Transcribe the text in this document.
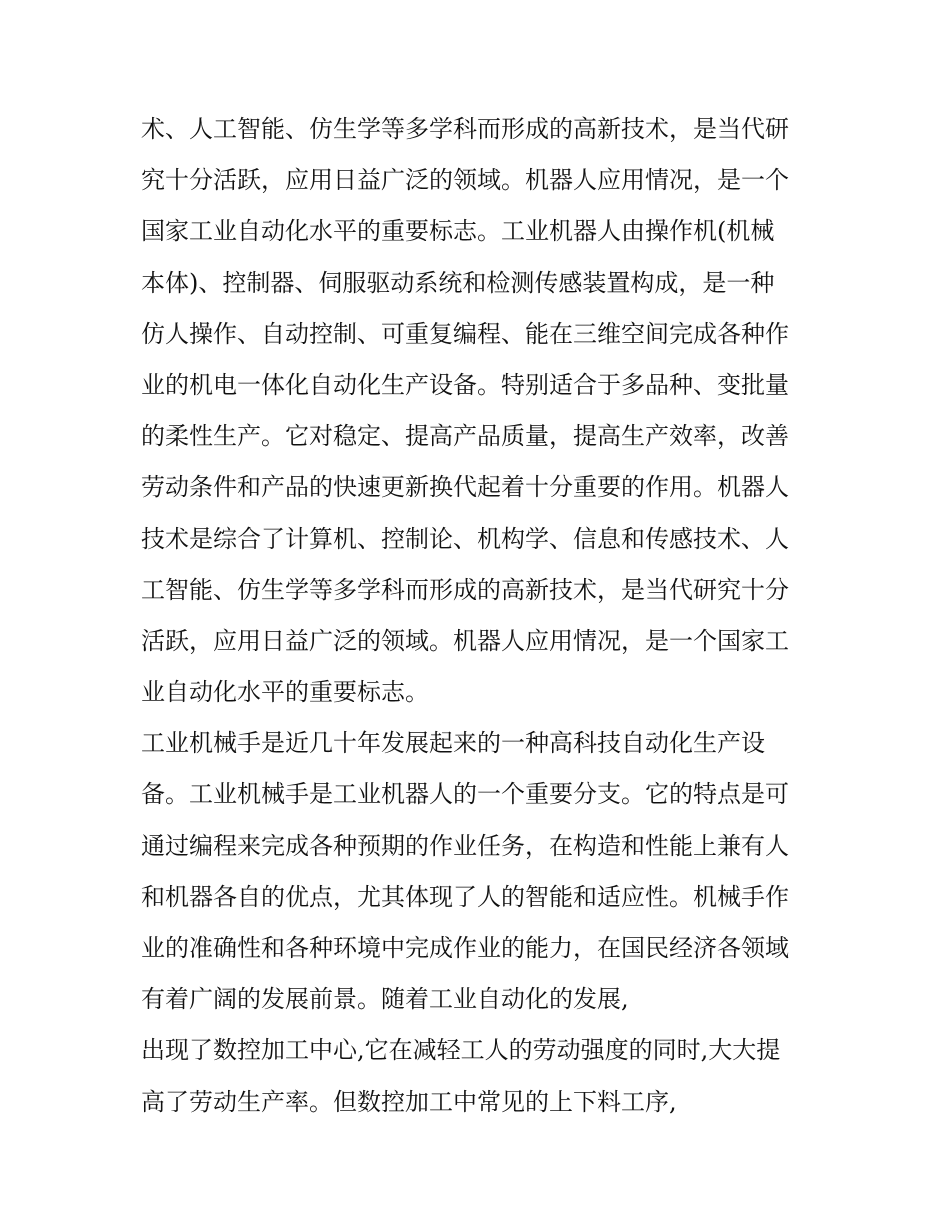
术、人工智能、仿生学等多学科而形成的高新技术，是当代研
究十分活跃，应用日益广泛的领域。机器人应用情况，是一个
国家工业自动化水平的重要标志。工业机器人由操作机(机械
本体)、控制器、伺服驱动系统和检测传感装置构成，是一种
仿人操作、自动控制、可重复编程、能在三维空间完成各种作
业的机电一体化自动化生产设备。特别适合于多品种、变批量
的柔性生产。它对稳定、提高产品质量，提高生产效率，改善
劳动条件和产品的快速更新换代起着十分重要的作用。机器人
技术是综合了计算机、控制论、机构学、信息和传感技术、人
工智能、仿生学等多学科而形成的高新技术，是当代研究十分
活跃，应用日益广泛的领域。机器人应用情况，是一个国家工
业自动化水平的重要标志。
工业机械手是近几十年发展起来的一种高科技自动化生产设
备。工业机械手是工业机器人的一个重要分支。它的特点是可
通过编程来完成各种预期的作业任务，在构造和性能上兼有人
和机器各自的优点，尤其体现了人的智能和适应性。机械手作
业的准确性和各种环境中完成作业的能力，在国民经济各领域
有着广阔的发展前景。随着工业自动化的发展,
出现了数控加工中心,它在减轻工人的劳动强度的同时,大大提
高了劳动生产率。但数控加工中常见的上下料工序,
